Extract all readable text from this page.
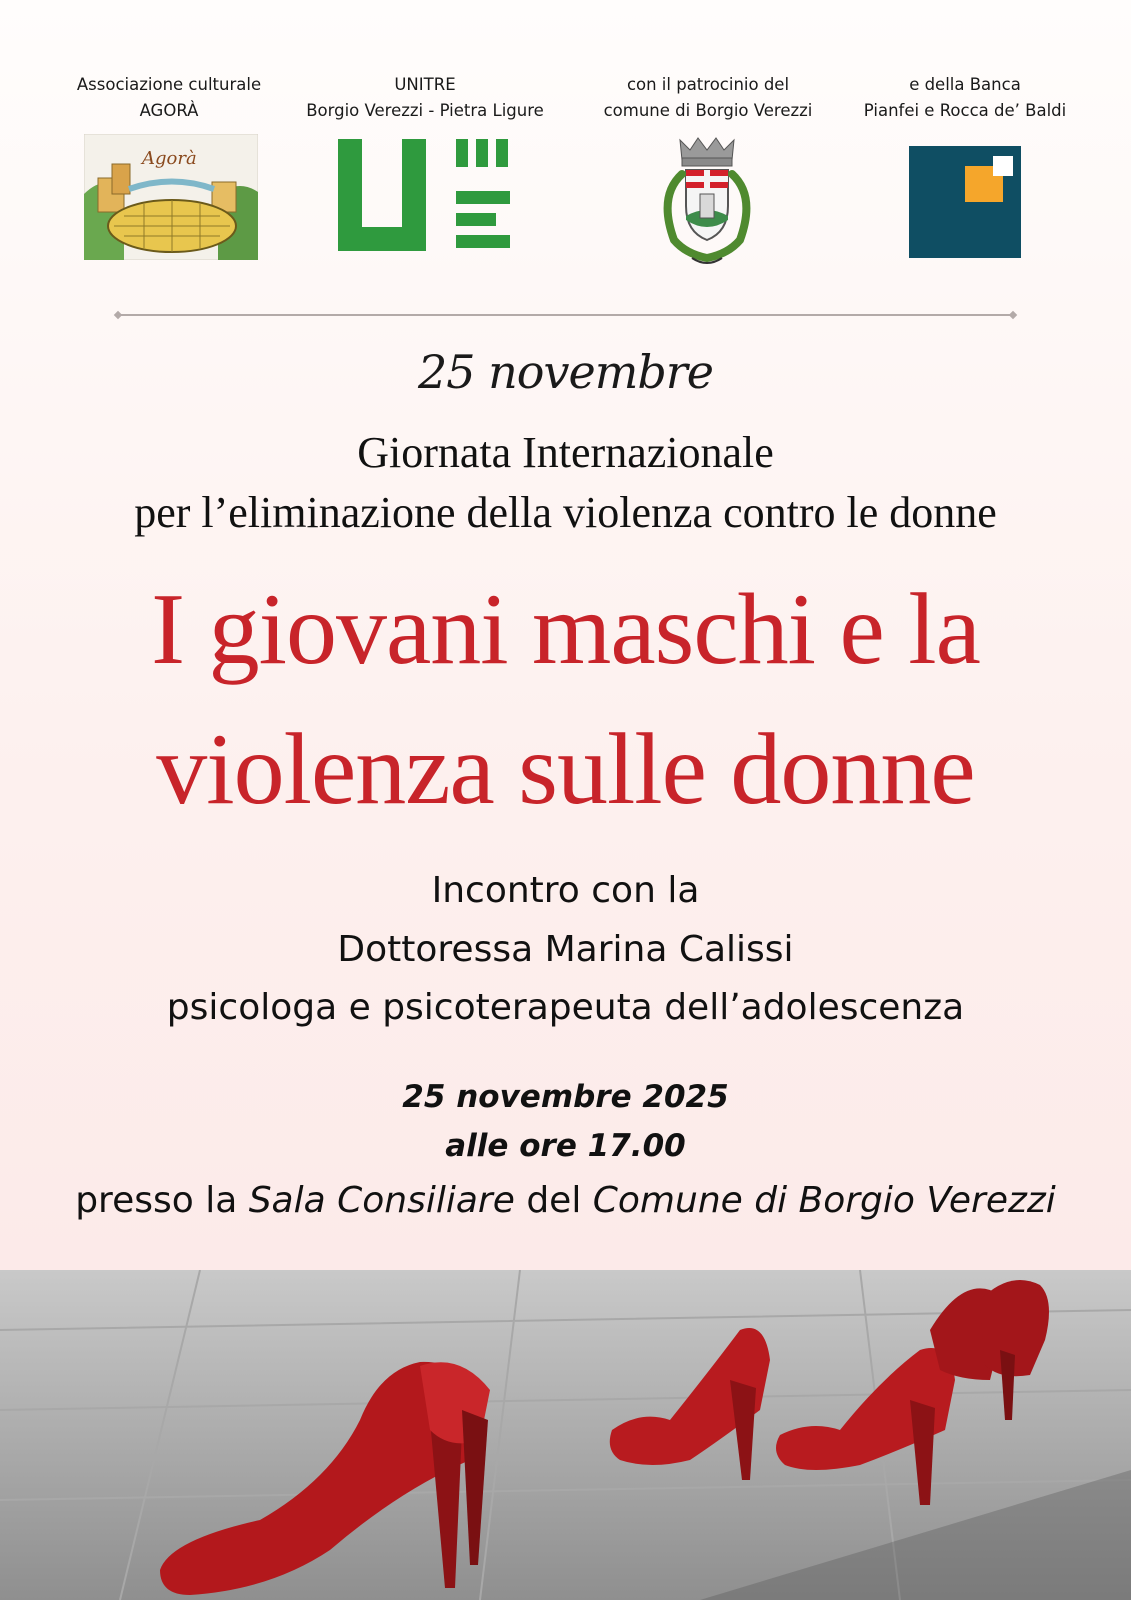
Associazione culturale
AGORÀ
UNITRE
Borgio Verezzi - Pietra Ligure
con il patrocinio del
comune di Borgio Verezzi
e della Banca
Pianfei e Rocca de’ Baldi
Agorà
25 novembre
Giornata Internazionale
per l’eliminazione della violenza contro le donne
I giovani maschi e la
violenza sulle donne
Incontro con la
Dottoressa Marina Calissi
psicologa e psicoterapeuta dell’adolescenza
25 novembre 2025
alle ore 17.00
presso la Sala Consiliare del Comune di Borgio Verezzi
